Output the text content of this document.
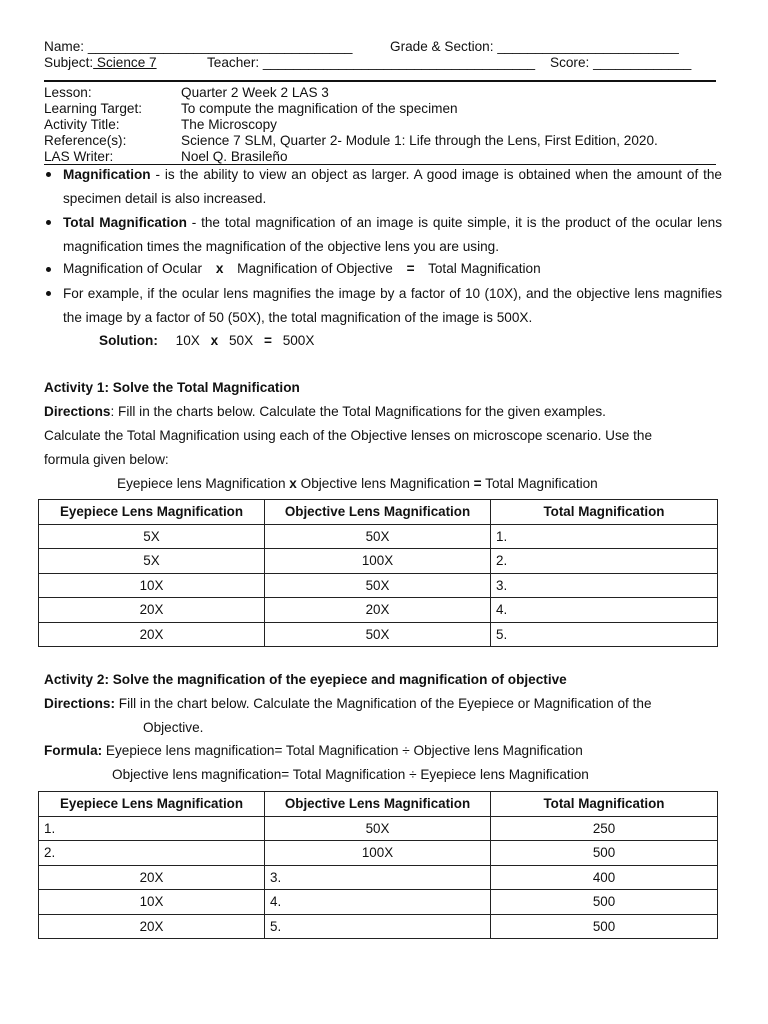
Name: ___________________________________	Grade & Section: ________________________
Subject: Science 7	Teacher: ____________________________________ Score: _____________
Lesson:	Quarter 2 Week 2 LAS 3
Learning Target:	To compute the magnification of the specimen
Activity Title:	The Microscopy
Reference(s):	Science 7 SLM, Quarter 2- Module 1: Life through the Lens, First Edition, 2020.
LAS Writer:	Noel Q. Brasileño
Magnification - is the ability to view an object as larger. A good image is obtained when the amount of the specimen detail is also increased.
Total Magnification - the total magnification of an image is quite simple, it is the product of the ocular lens magnification times the magnification of the objective lens you are using.
Magnification of Ocular x Magnification of Objective = Total Magnification
For example, if the ocular lens magnifies the image by a factor of 10 (10X), and the objective lens magnifies the image by a factor of 50 (50X), the total magnification of the image is 500X.
Solution: 10X x 50X = 500X
Activity 1: Solve the Total Magnification
Directions: Fill in the charts below. Calculate the Total Magnifications for the given examples.
Calculate the Total Magnification using each of the Objective lenses on microscope scenario. Use the
formula given below:
Eyepiece lens Magnification x Objective lens Magnification = Total Magnification
Eyepiece Lens Magnification	Objective Lens Magnification	Total Magnification
5X	50X	1.
5X	100X	2.
10X	50X	3.
20X	20X	4.
20X	50X	5.
Activity 2: Solve the magnification of the eyepiece and magnification of objective
Directions: Fill in the chart below. Calculate the Magnification of the Eyepiece or Magnification of the
Objective.
Formula: Eyepiece lens magnification= Total Magnification ÷ Objective lens Magnification
Objective lens magnification= Total Magnification ÷ Eyepiece lens Magnification
Eyepiece Lens Magnification	Objective Lens Magnification	Total Magnification
1.	50X	250
2.	100X	500
20X	3.	400
10X	4.	500
20X	5.	500
